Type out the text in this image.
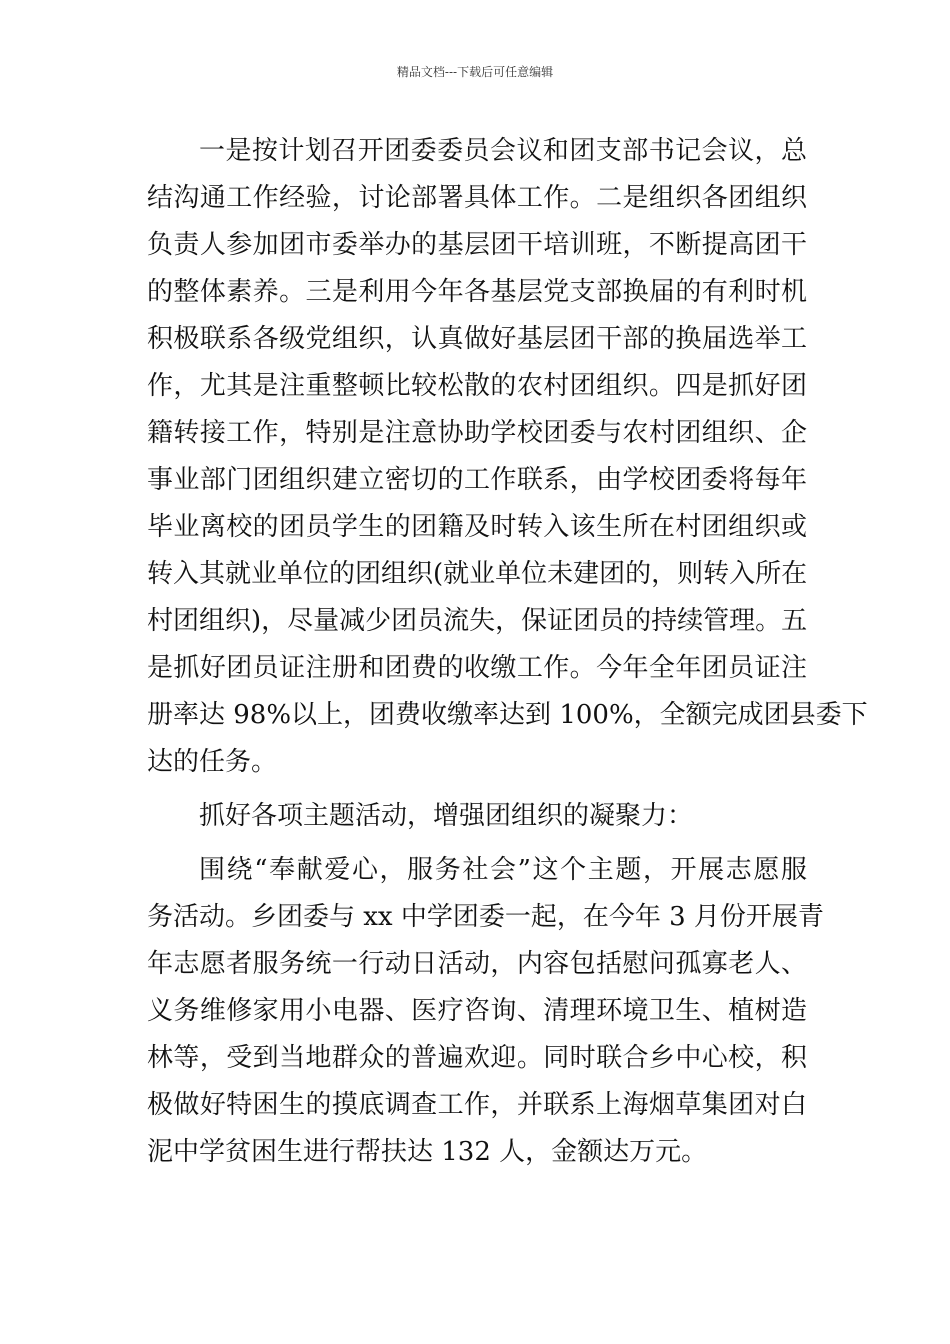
精品文档---下载后可任意编辑
一是按计划召开团委委员会议和团支部书记会议，总
结沟通工作经验，讨论部署具体工作。二是组织各团组织
负责人参加团市委举办的基层团干培训班，不断提高团干
的整体素养。三是利用今年各基层党支部换届的有利时机
积极联系各级党组织，认真做好基层团干部的换届选举工
作，尤其是注重整顿比较松散的农村团组织。四是抓好团
籍转接工作，特别是注意协助学校团委与农村团组织、企
事业部门团组织建立密切的工作联系，由学校团委将每年
毕业离校的团员学生的团籍及时转入该生所在村团组织或
转入其就业单位的团组织(就业单位未建团的，则转入所在
村团组织)，尽量减少团员流失，保证团员的持续管理。五
是抓好团员证注册和团费的收缴工作。今年全年团员证注
册率达 98%以上，团费收缴率达到 100%，全额完成团县委下
达的任务。
抓好各项主题活动，增强团组织的凝聚力：
围绕“奉献爱心，服务社会”这个主题，开展志愿服
务活动。乡团委与 xx 中学团委一起，在今年 3 月份开展青
年志愿者服务统一行动日活动，内容包括慰问孤寡老人、
义务维修家用小电器、医疗咨询、清理环境卫生、植树造
林等，受到当地群众的普遍欢迎。同时联合乡中心校，积
极做好特困生的摸底调查工作，并联系上海烟草集团对白
泥中学贫困生进行帮扶达 132 人，金额达万元。
